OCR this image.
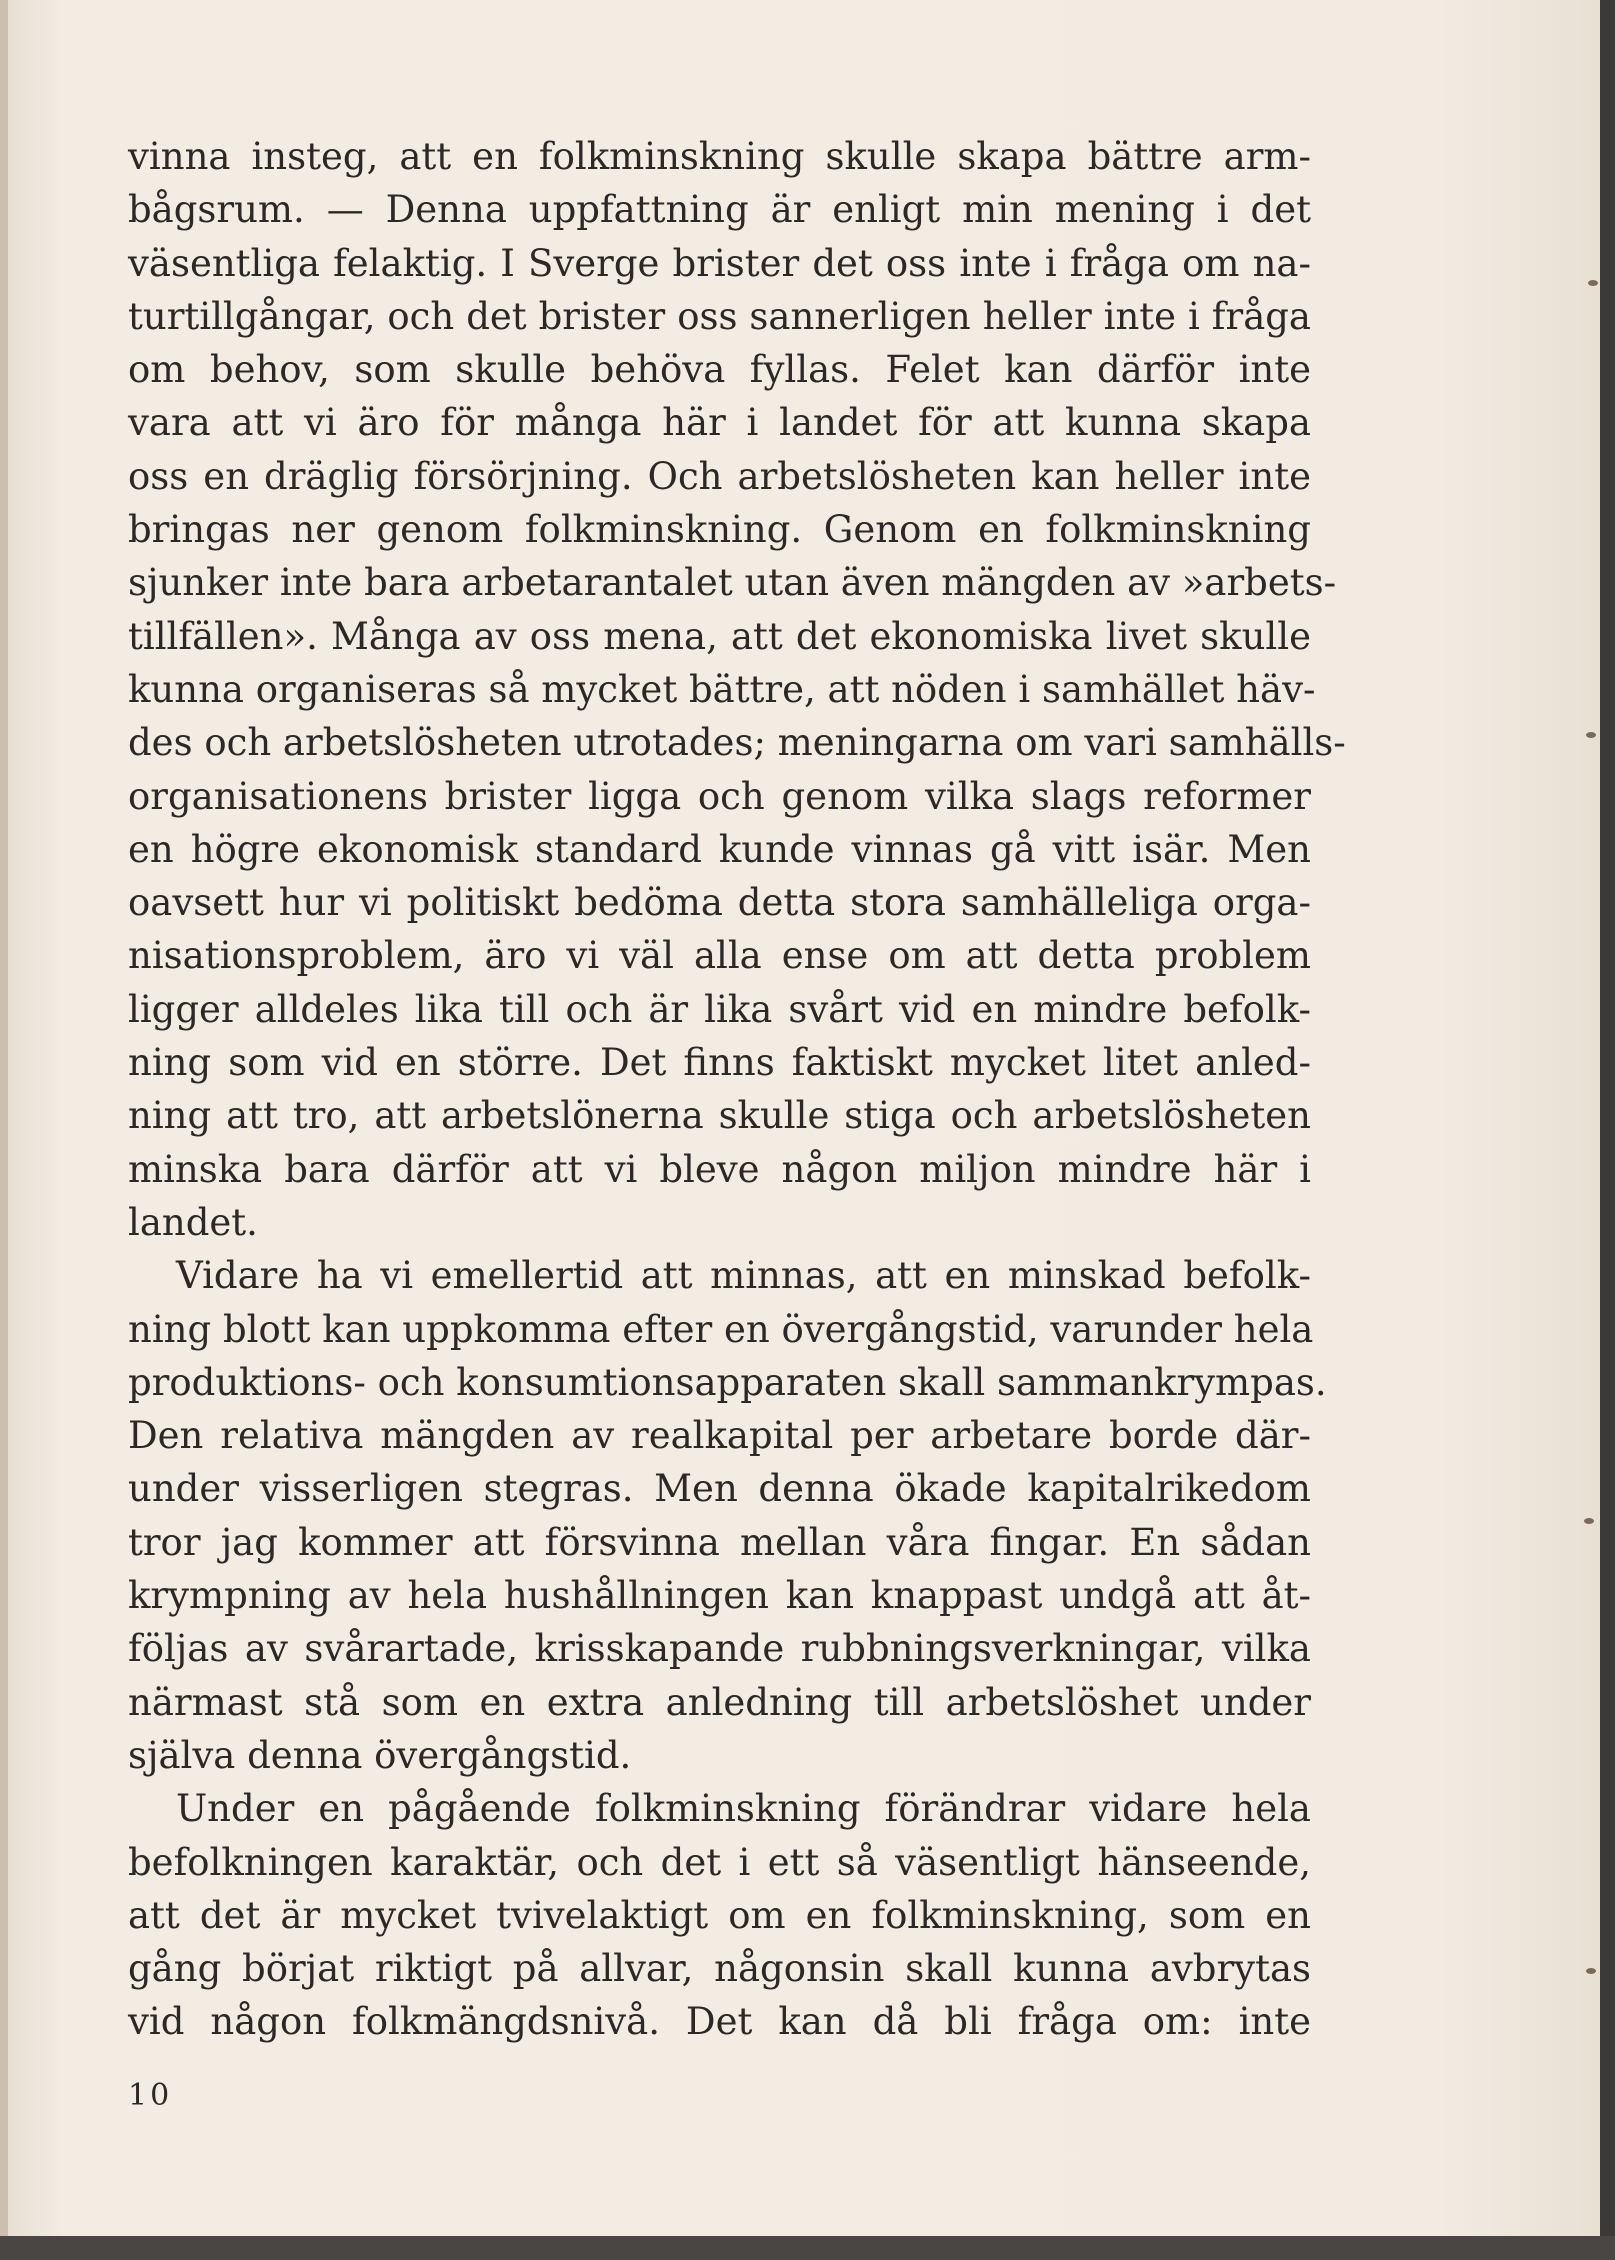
vinna insteg, att en folkminskning skulle skapa bättre arm-
bågsrum. — Denna uppfattning är enligt min mening i det
väsentliga felaktig. I Sverge brister det oss inte i fråga om na-
turtillgångar, och det brister oss sannerligen heller inte i fråga
om behov, som skulle behöva fyllas. Felet kan därför inte
vara att vi äro för många här i landet för att kunna skapa
oss en dräglig försörjning. Och arbetslösheten kan heller inte
bringas ner genom folkminskning. Genom en folkminskning
sjunker inte bara arbetarantalet utan även mängden av »arbets-
tillfällen». Många av oss mena, att det ekonomiska livet skulle
kunna organiseras så mycket bättre, att nöden i samhället häv-
des och arbetslösheten utrotades; meningarna om vari samhälls-
organisationens brister ligga och genom vilka slags reformer
en högre ekonomisk standard kunde vinnas gå vitt isär. Men
oavsett hur vi politiskt bedöma detta stora samhälleliga orga-
nisationsproblem, äro vi väl alla ense om att detta problem
ligger alldeles lika till och är lika svårt vid en mindre befolk-
ning som vid en större. Det finns faktiskt mycket litet anled-
ning att tro, att arbetslönerna skulle stiga och arbetslösheten
minska bara därför att vi bleve någon miljon mindre här i
landet.
Vidare ha vi emellertid att minnas, att en minskad befolk-
ning blott kan uppkomma efter en övergångstid, varunder hela
produktions- och konsumtionsapparaten skall sammankrympas.
Den relativa mängden av realkapital per arbetare borde där-
under visserligen stegras. Men denna ökade kapitalrikedom
tror jag kommer att försvinna mellan våra fingar. En sådan
krympning av hela hushållningen kan knappast undgå att åt-
följas av svårartade, krisskapande rubbningsverkningar, vilka
närmast stå som en extra anledning till arbetslöshet under
själva denna övergångstid.
Under en pågående folkminskning förändrar vidare hela
befolkningen karaktär, och det i ett så väsentligt hänseende,
att det är mycket tvivelaktigt om en folkminskning, som en
gång börjat riktigt på allvar, någonsin skall kunna avbrytas
vid någon folkmängdsnivå. Det kan då bli fråga om: inte
10
